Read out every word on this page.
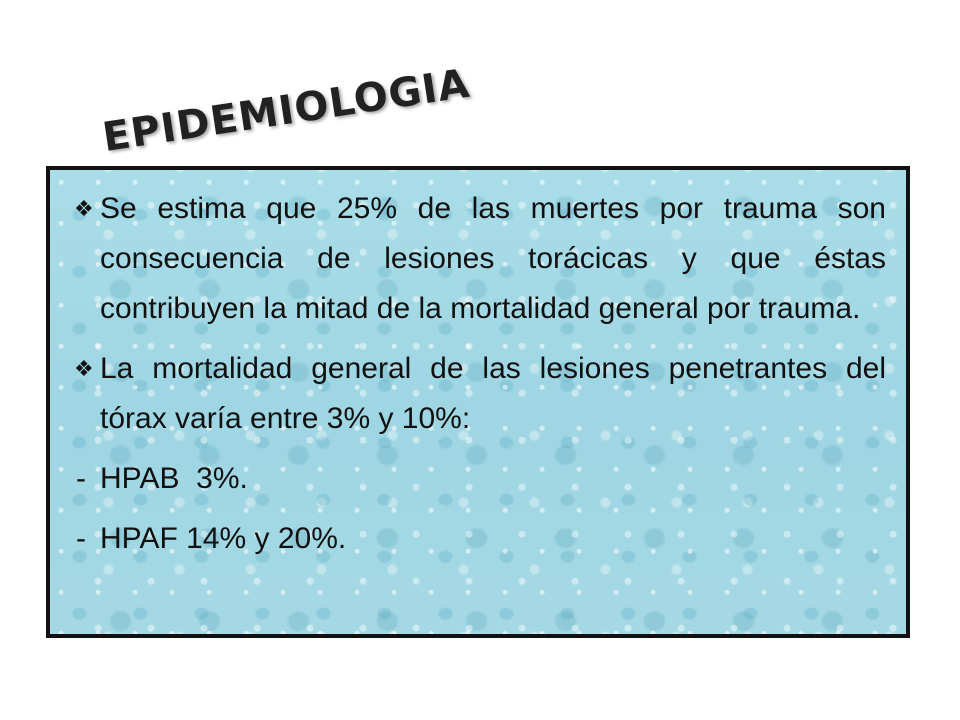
EPIDEMIOLOGIA
❖ Se estima que 25% de las muertes por trauma son consecuencia de lesiones torácicas y que éstas contribuyen la mitad de la mortalidad general por trauma.
❖ La mortalidad general de las lesiones penetrantes del tórax varía entre 3% y 10%:
- HPAB  3%.
- HPAF 14% y 20%.
